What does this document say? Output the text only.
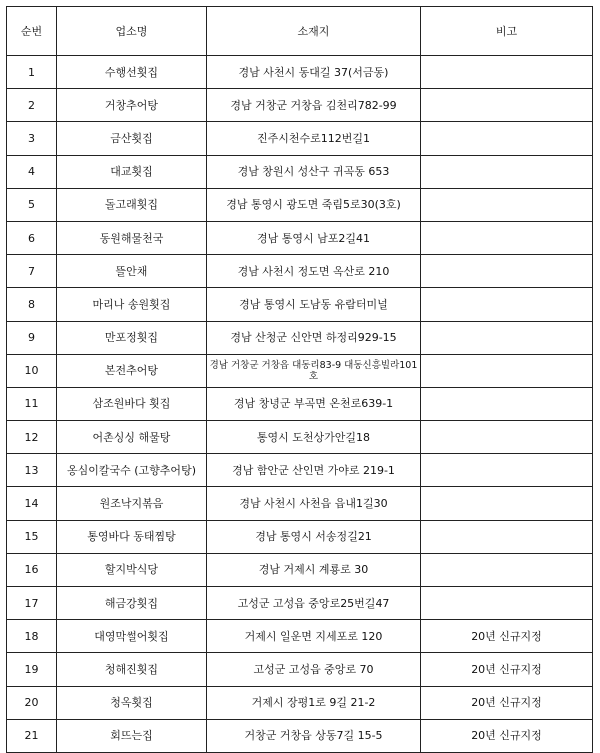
순번	업소명	소재지	비고
1	수행선횟집	경남 사천시 동대길 37(서금동)	
2	거창추어탕	경남 거창군 거창읍 김천리782-99	
3	금산횟집	진주시천수로112번길1	
4	대교횟집	경남 창원시 성산구 귀곡동 653	
5	돌고래횟집	경남 통영시 광도면 죽림5로30(3호)	
6	동원해물천국	경남 통영시 남포2길41	
7	뜰안채	경남 사천시 정도면 옥산로 210	
8	마리나 송원횟집	경남 통영시 도남동 유람터미널	
9	만포정횟집	경남 산청군 신안면 하정리929-15	
10	본전추어탕	경남 거창군 거창읍 대동리83-9 대동신흥빌라101호	
11	삼조원바다 횟집	경남 창녕군 부곡면 온천로639-1	
12	어촌싱싱 해물탕	통영시 도천상가안길18	
13	옹심이칼국수 (고향추어탕)	경남 함안군 산인면 가야로 219-1	
14	원조낙지볶음	경남 사천시 사천읍 읍내1길30	
15	통영바다 동태찜탕	경남 통영시 서송정길21	
16	할지박식당	경남 거제시 계룡로 30	
17	해금강횟집	고성군 고성읍 중앙로25번길47	
18	대영막썰어횟집	거제시 일운면 지세포로 120	20년 신규지정
19	청해진횟집	고성군 고성읍 중앙로 70	20년 신규지정
20	청옥횟집	거제시 장평1로 9길 21-2	20년 신규지정
21	회뜨는집	거창군 거창읍 상동7길 15-5	20년 신규지정
